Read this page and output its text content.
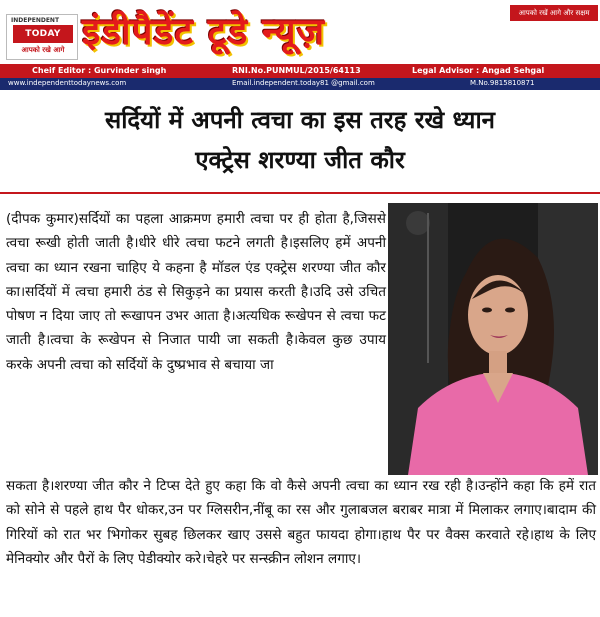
INDEPENDENT
TODAY
आपको रखे आगे इंडीपैडेंट टूडे न्यूज़	आपको रखें आगे और सक्षम
Cheif Editor : Gurvinder singh	RNI.No.PUNMUL/2015/64113	Legal Advisor : Angad Sehgal
www.independenttodaynews.com	Email.independent.today81 @gmail.com	M.No.9815810871
सर्दियों में अपनी त्वचा का इस तरह रखे ध्यान
एक्ट्रेस शरण्या जीत कौर
(दीपक कुमार)सर्दियों का पहला आक्रमण हमारी त्वचा पर ही होता है,जिससे त्वचा रूखी होती जाती है।धीरे धीरे त्वचा फटने लगती है।इसलिए हमें अपनी त्वचा का ध्यान रखना चाहिए ये कहना है मॉडल एंड एक्ट्रेस शरण्या जीत कौर का।सर्दियों में त्वचा हमारी ठंड से सिकुड़ने का प्रयास करती है।उदि उसे उचित पोषण न दिया जाए तो रूखापन उभर आता है।अत्यधिक रूखेपन से त्वचा फट जाती है।त्वचा के रूखेपन से निजात पायी जा सकती है।केवल कुछ उपाय करके अपनी त्वचा को सर्दियों के दुष्प्रभाव से बचाया जा
सकता है।शरण्या जीत कौर ने टिप्स देते हुए कहा कि वो कैसे अपनी त्वचा का ध्यान रख रही है।उन्होंने कहा कि हमें रात को सोने से पहले हाथ पैर धोकर,उन पर ग्लिसरीन,नींबू का रस और गुलाबजल बराबर मात्रा में मिलाकर लगाए।बादाम की गिरियों को रात भर भिगोकर सुबह छिलकर खाए उससे बहुत फायदा होगा।हाथ पैर पर वैक्स करवाते रहे।हाथ के लिए मेनिक्योर और पैरों के लिए पेडीक्योर करे।चेहरे पर सन्स्क्रीन लोशन लगाए।
